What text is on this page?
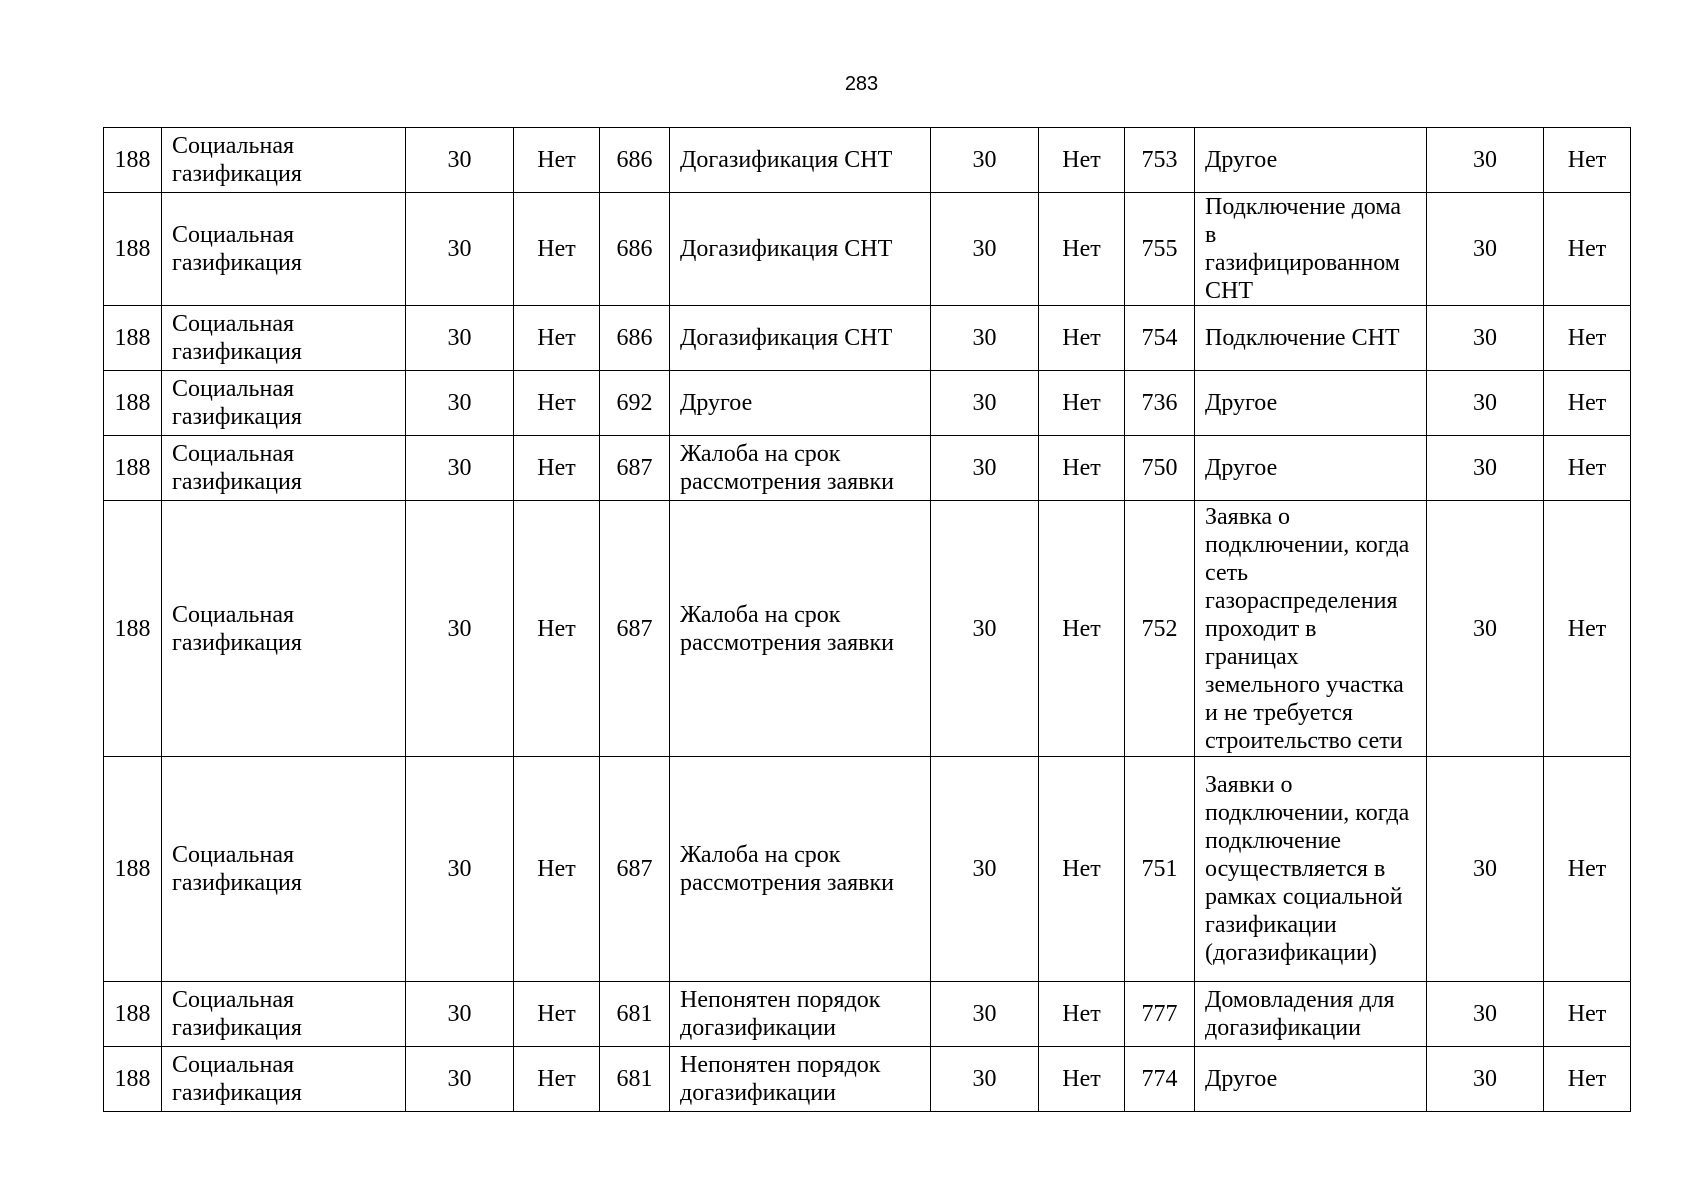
283
188	Социальная газификация	30	Нет	686	Догазификация СНТ	30	Нет	753	Другое	30	Нет
188	Социальная газификация	30	Нет	686	Догазификация СНТ	30	Нет	755	Подключение дома в газифицированном СНТ	30	Нет
188	Социальная газификация	30	Нет	686	Догазификация СНТ	30	Нет	754	Подключение СНТ	30	Нет
188	Социальная газификация	30	Нет	692	Другое	30	Нет	736	Другое	30	Нет
188	Социальная газификация	30	Нет	687	Жалоба на срок рассмотрения заявки	30	Нет	750	Другое	30	Нет
188	Социальная газификация	30	Нет	687	Жалоба на срок рассмотрения заявки	30	Нет	752	Заявка о подключении, когда сеть газораспределения проходит в границах земельного участка и не требуется строительство сети	30	Нет
188	Социальная газификация	30	Нет	687	Жалоба на срок рассмотрения заявки	30	Нет	751	Заявки о подключении, когда подключение осуществляется в рамках социальной газификации (догазификации)	30	Нет
188	Социальная газификация	30	Нет	681	Непонятен порядок догазификации	30	Нет	777	Домовладения для догазификации	30	Нет
188	Социальная газификация	30	Нет	681	Непонятен порядок догазификации	30	Нет	774	Другое	30	Нет
